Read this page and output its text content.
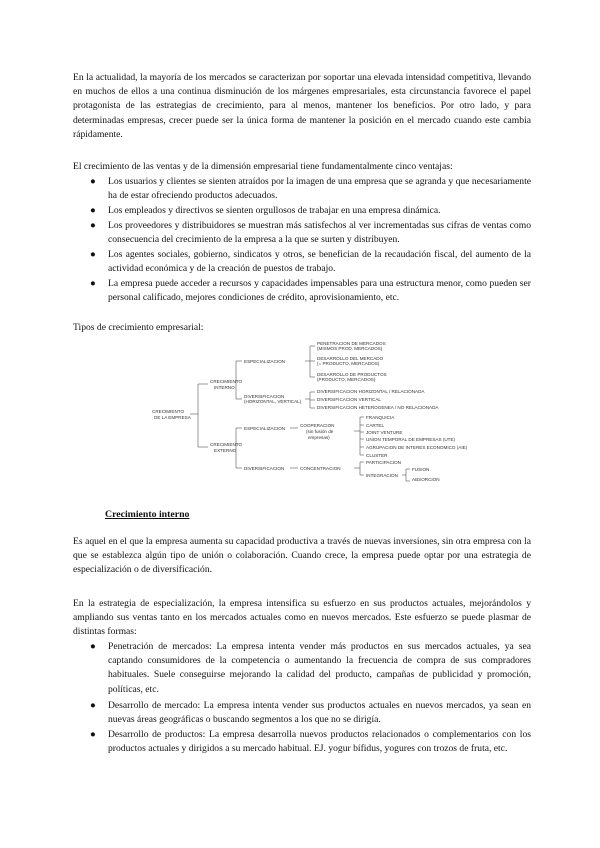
En la actualidad, la mayoría de los mercados se caracterizan por soportar una elevada intensidad competitiva, llevando en muchos de ellos a una continua disminución de los márgenes empresariales, esta circunstancia favorece el papel protagonista de las estrategias de crecimiento, para al menos, mantener los beneficios. Por otro lado, y para determinadas empresas, crecer puede ser la única forma de mantener la posición en el mercado cuando este cambia rápidamente.

El crecimiento de las ventas y de la dimensión empresarial tiene fundamentalmente cinco ventajas:

● Los usuarios y clientes se sienten atraídos por la imagen de una empresa que se agranda y que necesariamente ha de estar ofreciendo productos adecuados.
● Los empleados y directivos se sienten orgullosos de trabajar en una empresa dinámica.
● Los proveedores y distribuidores se muestran más satisfechos al ver incrementadas sus cifras de ventas como consecuencia del crecimiento de la empresa a la que se surten y distribuyen.
● Los agentes sociales, gobierno, sindicatos y otros, se benefician de la recaudación fiscal, del aumento de la actividad económica y de la creación de puestos de trabajo.
● La empresa puede acceder a recursos y capacidades impensables para una estructura menor, como pueden ser personal calificado, mejores condiciones de crédito, aprovisionamiento, etc.

Tipos de crecimiento empresarial:

CRECIMIENTO
DE LA EMPRESA
CRECIMIENTO
INTERNO
CRECIMIENTO
EXTERNO
ESPECIALIZACION
DIVERSIFICACION
(HORIZONTAL, VERTICAL)
PENETRACION DE MERCADOS
(MISMOS PROD. MERCADOS)
DESARROLLO DEL MERCADO
(= PRODUCTO, MERCADOS)
DESARROLLO DE PRODUCTOS
(PRODUCTO, MERCADOS)
DIVERSIFICACION HORIZONTAL / RELACIONADA
DIVERSIFICACION VERTICAL
DIVERSIFICACION HETEROGENEA / NO RELACIONADA
ESPECIALIZACION
DIVERSIFICACION
COOPERACION
(sin fusión de
empresas)
CONCENTRACION
FRANQUICIA
CARTEL
JOINT VENTURE
UNION TEMPORAL DE EMPRESAS (UTE)
AGRUPACION DE INTERES ECONOMICO (AIE)
CLUSTER
PARTICIPACION
INTEGRACION
FUSION
ABSORCION
Crecimiento interno

Es aquel en el que la empresa aumenta su capacidad productiva a través de nuevas inversiones, sin otra empresa con la que se establezca algún tipo de unión o colaboración. Cuando crece, la empresa puede optar por una estrategia de especialización o de diversificación.

En la estrategia de especialización, la empresa intensifica su esfuerzo en sus productos actuales, mejorándolos y ampliando sus ventas tanto en los mercados actuales como en nuevos mercados. Este esfuerzo se puede plasmar de distintas formas:

● Penetración de mercados: La empresa intenta vender más productos en sus mercados actuales, ya sea captando consumidores de la competencia o aumentando la frecuencia de compra de sus compradores habituales. Suele conseguirse mejorando la calidad del producto, campañas de publicidad y promoción, políticas, etc.
● Desarrollo de mercado: La empresa intenta vender sus productos actuales en nuevos mercados, ya sean en nuevas áreas geográficas o buscando segmentos a los que no se dirigía.
● Desarrollo de productos: La empresa desarrolla nuevos productos relacionados o complementarios con los productos actuales y dirigidos a su mercado habitual. EJ. yogur bífidus, yogures con trozos de fruta, etc.
